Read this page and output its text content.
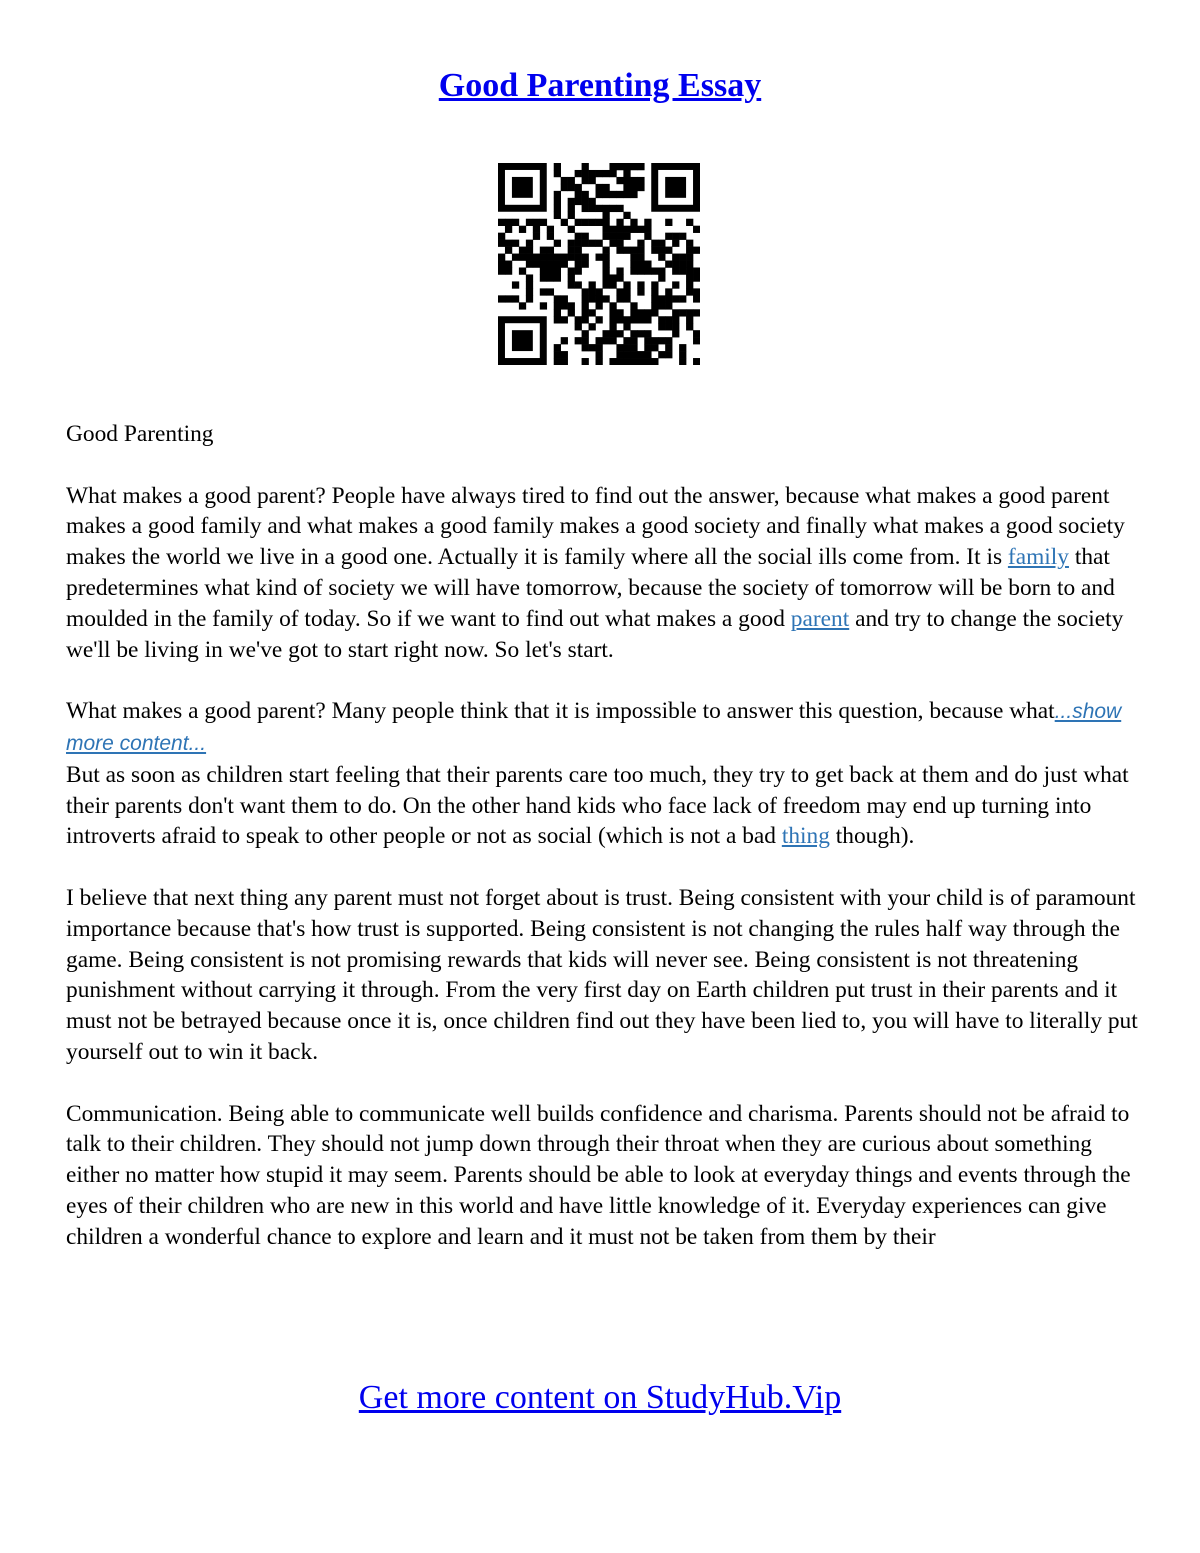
Good Parenting Essay

Good Parenting

What makes a good parent? People have always tired to find out the answer, because what makes a good parent makes a good family and what makes a good family makes a good society and finally what makes a good society makes the world we live in a good one. Actually it is family where all the social ills come from. It is family that predetermines what kind of society we will have tomorrow, because the society of tomorrow will be born to and moulded in the family of today. So if we want to find out what makes a good parent and try to change the society we'll be living in we've got to start right now. So let's start.

What makes a good parent? Many people think that it is impossible to answer this question, because what...show more content...

But as soon as children start feeling that their parents care too much, they try to get back at them and do just what their parents don't want them to do. On the other hand kids who face lack of freedom may end up turning into introverts afraid to speak to other people or not as social (which is not a bad thing though).

I believe that next thing any parent must not forget about is trust. Being consistent with your child is of paramount importance because that's how trust is supported. Being consistent is not changing the rules half way through the game. Being consistent is not promising rewards that kids will never see. Being consistent is not threatening punishment without carrying it through. From the very first day on Earth children put trust in their parents and it must not be betrayed because once it is, once children find out they have been lied to, you will have to literally put yourself out to win it back.

Communication. Being able to communicate well builds confidence and charisma. Parents should not be afraid to talk to their children. They should not jump down through their throat when they are curious about something either no matter how stupid it may seem. Parents should be able to look at everyday things and events through the eyes of their children who are new in this world and have little knowledge of it. Everyday experiences can give children a wonderful chance to explore and learn and it must not be taken from them by their

Get more content on StudyHub.Vip
